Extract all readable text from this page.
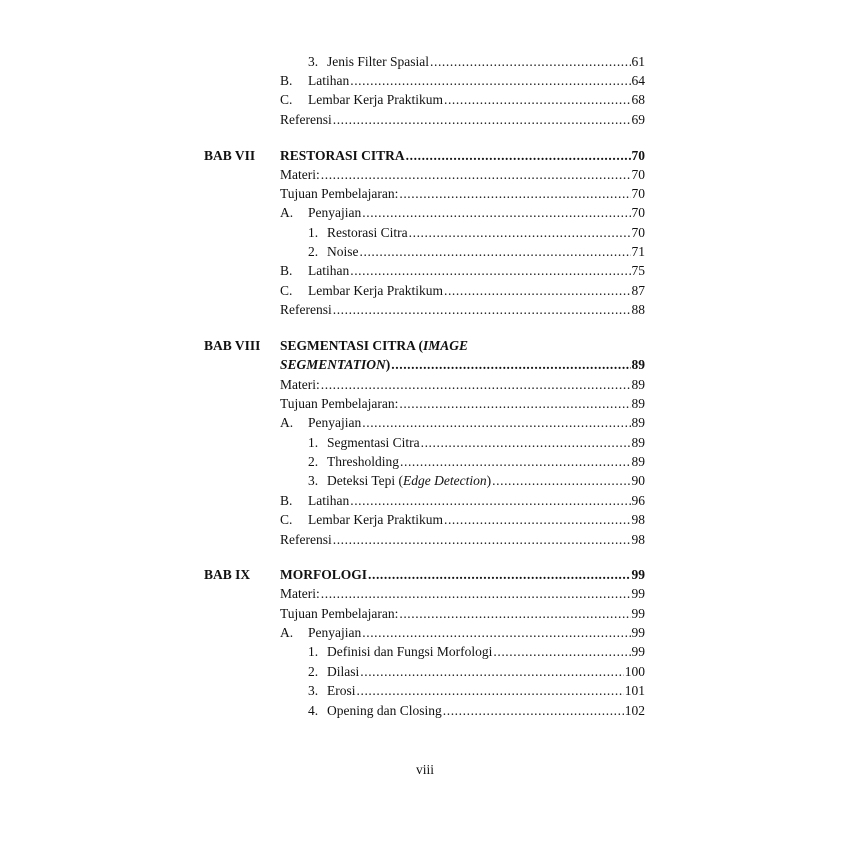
3. Jenis Filter Spasial .....	61
B.	Latihan .....	64
C.	Lembar Kerja Praktikum .....	68
Referensi .....	69
BAB VII RESTORASI CITRA .....	70
Materi: .....	70
Tujuan Pembelajaran: .....	70
A.	Penyajian .....	70
1. Restorasi Citra .....	70
2. Noise .....	71
B.	Latihan .....	75
C.	Lembar Kerja Praktikum .....	87
Referensi .....	88
BAB VIII SEGMENTASI CITRA ( IMAGE
SEGMENTATION) .....	89
Materi: .....	89
Tujuan Pembelajaran: .....	89
A.	Penyajian .....	89
1. Segmentasi Citra .....	89
2. Thresholding .....	89
3. Deteksi Tepi (Edge Detection) .....	90
B.	Latihan .....	96
C.	Lembar Kerja Praktikum .....	98
Referensi .....	98
BAB IX MORFOLOGI .....	99
Materi: .....	99
Tujuan Pembelajaran: .....	99
A.	Penyajian .....	99
1. Definisi dan Fungsi Morfologi .....	99
2. Dilasi .....	100
3. Erosi .....	101
4. Opening dan Closing .....	102
viii
